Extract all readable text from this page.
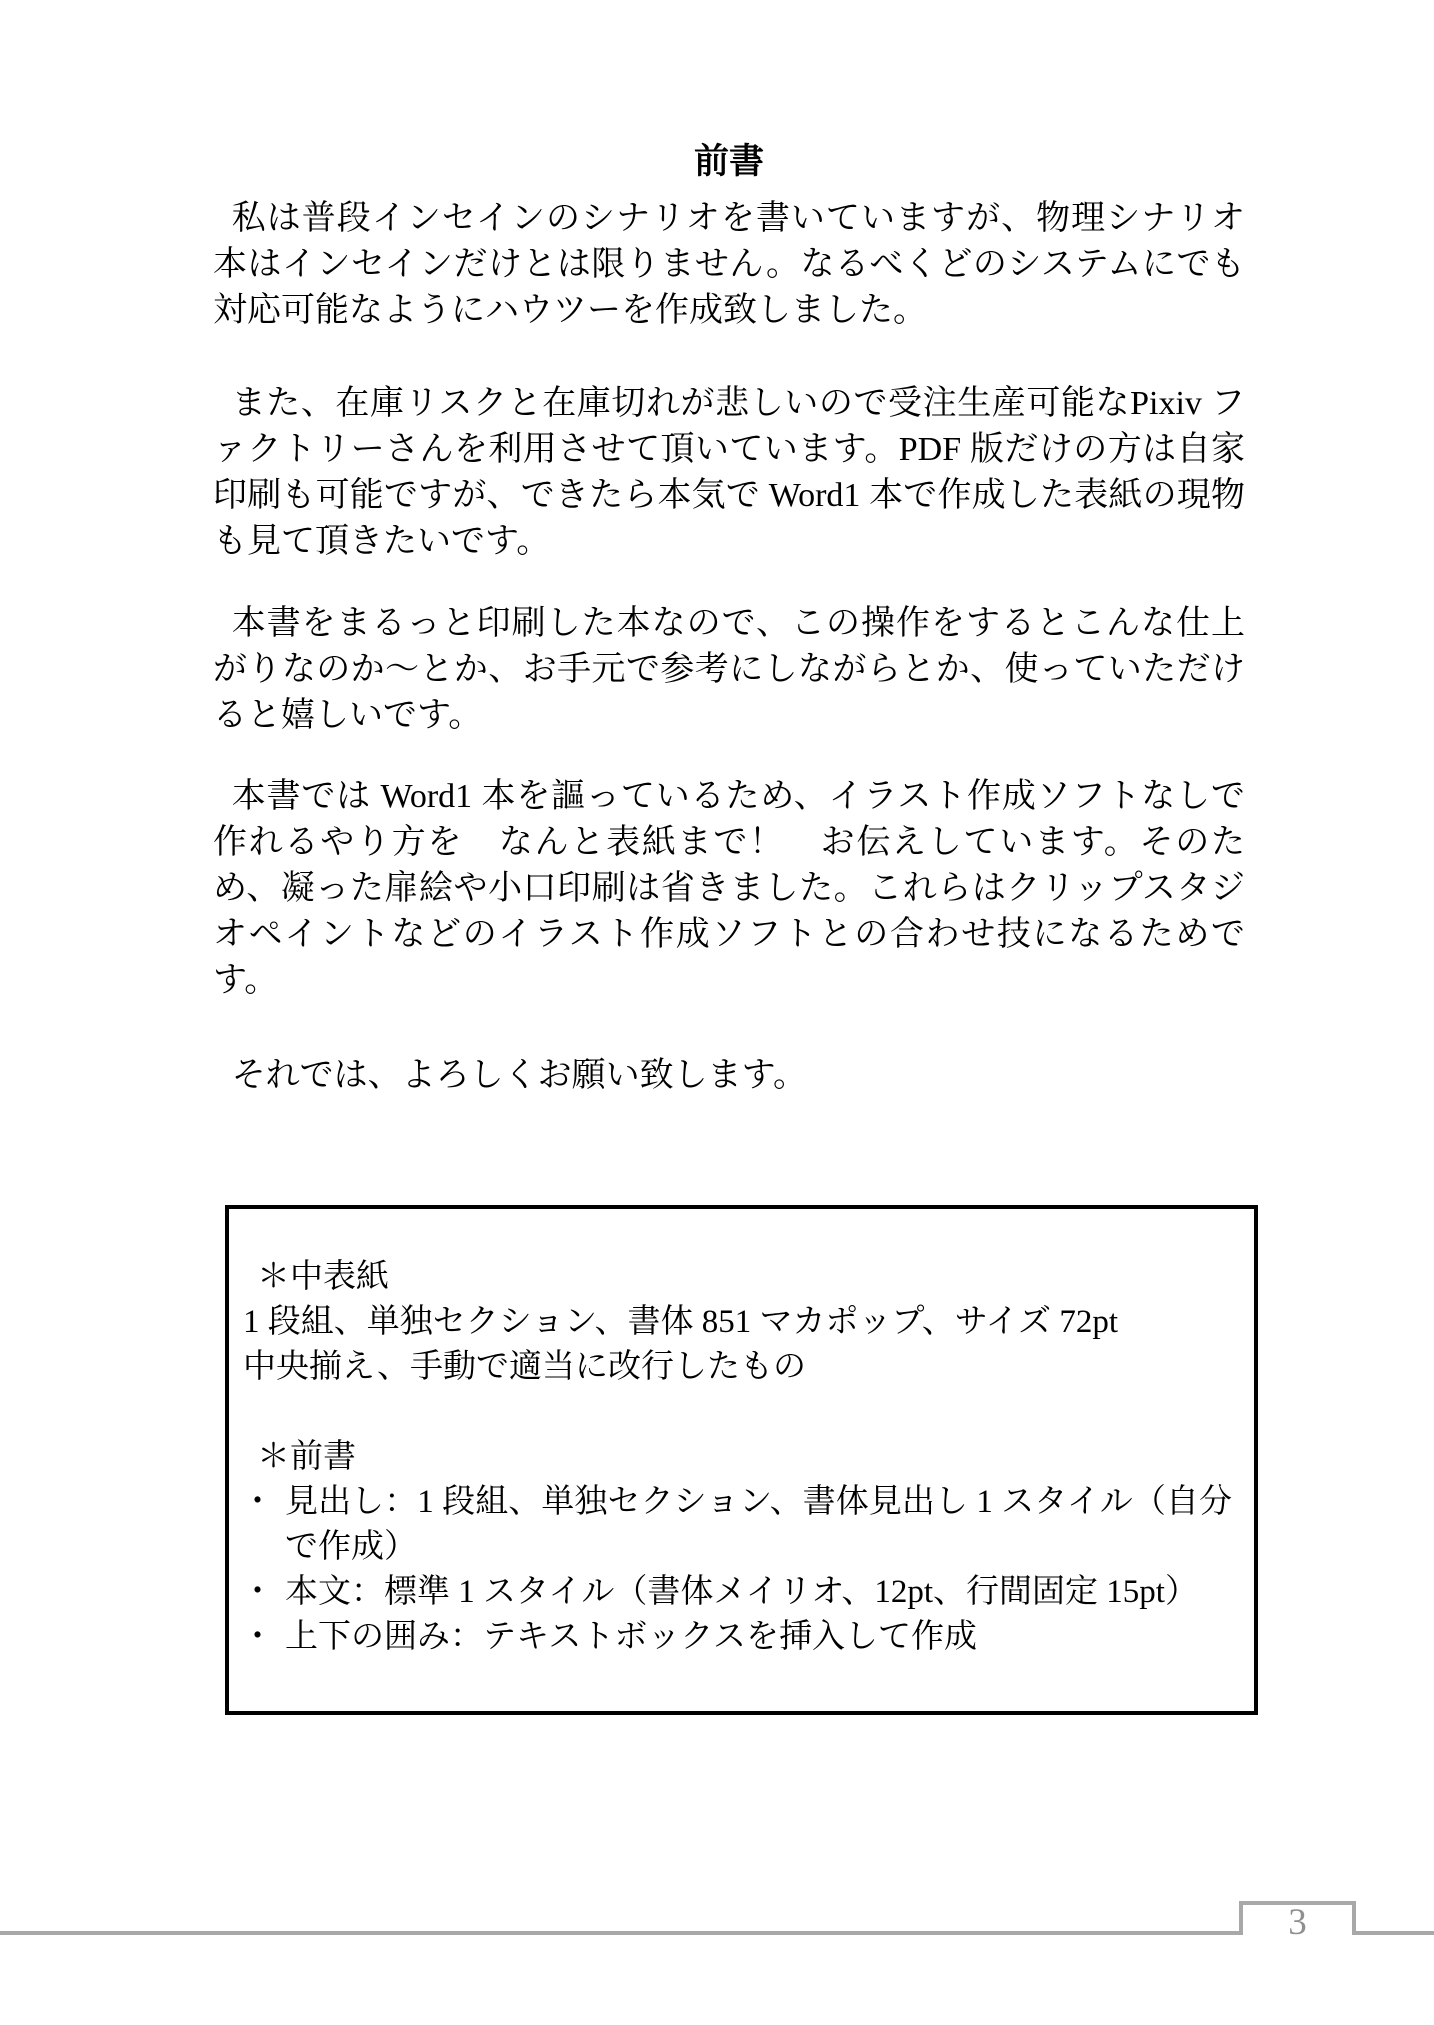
前書

私は普段インセインのシナリオを書いていますが、物理シナリオ本はインセインだけとは限りません。なるべくどのシステムにでも対応可能なようにハウツーを作成致しました。

また、在庫リスクと在庫切れが悲しいので受注生産可能なPixiv ファクトリーさんを利用させて頂いています。PDF 版だけの方は自家印刷も可能ですが、できたら本気で Word1 本で作成した表紙の現物も見て頂きたいです。

本書をまるっと印刷した本なので、この操作をするとこんな仕上がりなのか～とか、お手元で参考にしながらとか、使っていただけると嬉しいです。

本書では Word1 本を謳っているため、イラスト作成ソフトなしで作れるやり方を　なんと表紙まで！　お伝えしています。そのため、凝った扉絵や小口印刷は省きました。これらはクリップスタジオペイントなどのイラスト作成ソフトとの合わせ技になるためです。

それでは、よろしくお願い致します。

＊中表紙
1 段組、単独セクション、書体 851 マカポップ、サイズ 72pt
中央揃え、手動で適当に改行したもの
＊前書
・ 見出し：1 段組、単独セクション、書体見出し 1 スタイル（自分で作成）
・ 本文：標準 1 スタイル（書体メイリオ、12pt、行間固定 15pt）
・ 上下の囲み：テキストボックスを挿入して作成
3
